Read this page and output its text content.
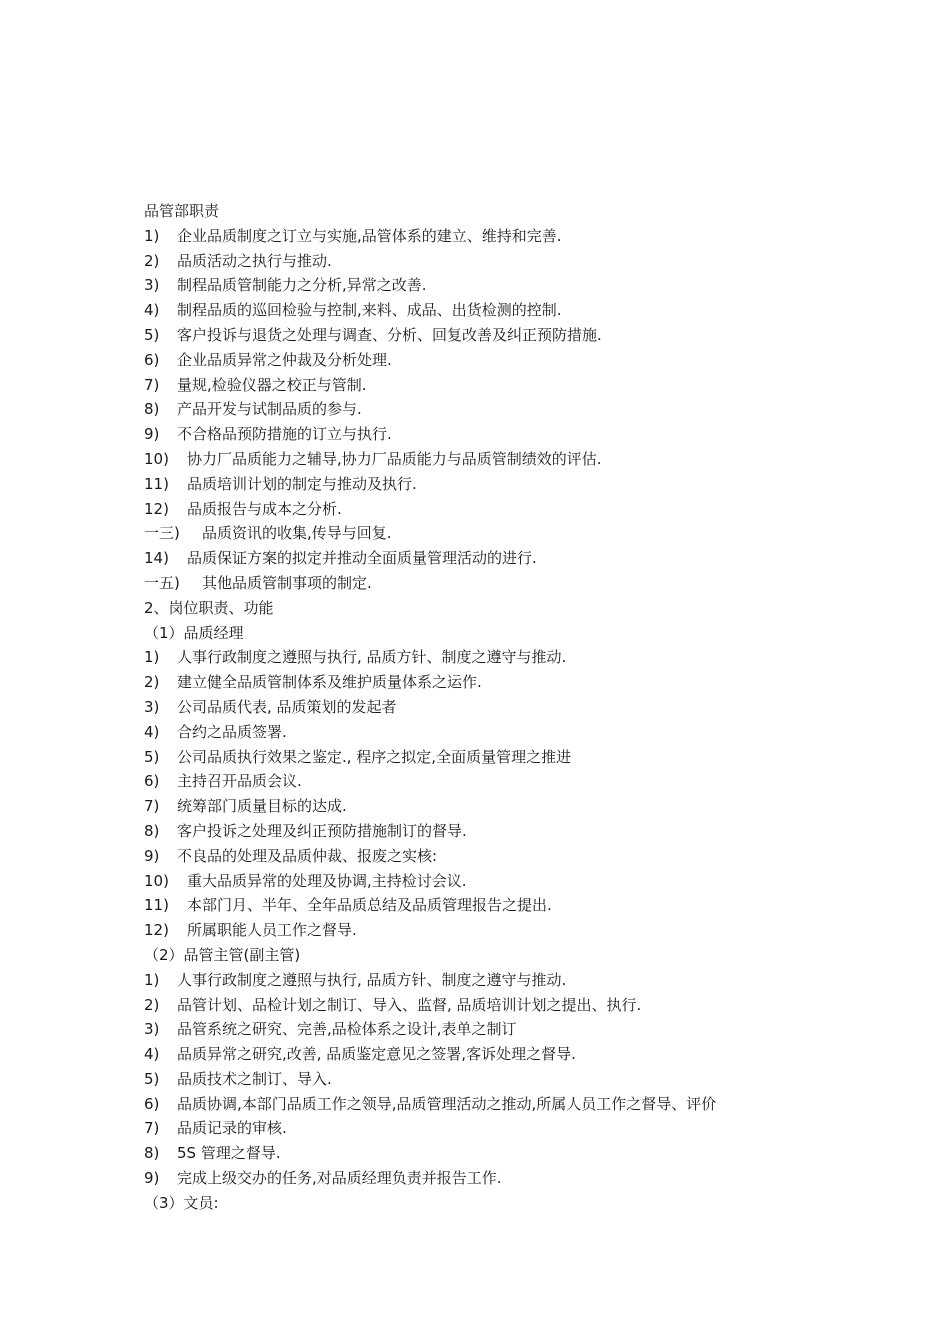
品管部职责
1)	企业品质制度之订立与实施,品管体系的建立、维持和完善.
2)	品质活动之执行与推动.
3)	制程品质管制能力之分析,异常之改善.
4)	制程品质的巡回检验与控制,来料、成品、出货检测的控制.
5)	客户投诉与退货之处理与调查、分析、回复改善及纠正预防措施.
6)	企业品质异常之仲裁及分析处理.
7)	量规,检验仪器之校正与管制.
8)	产品开发与试制品质的参与.
9)	不合格品预防措施的订立与执行.
10)	协力厂品质能力之辅导,协力厂品质能力与品质管制绩效的评估.
11)	品质培训计划的制定与推动及执行.
12)	品质报告与成本之分析.
一三)	品质资讯的收集,传导与回复.
14)	品质保证方案的拟定并推动全面质量管理活动的进行.
一五)	其他品质管制事项的制定.
2、岗位职责、功能
（1）品质经理
1)	人事行政制度之遵照与执行, 品质方针、制度之遵守与推动.
2)	建立健全品质管制体系及维护质量体系之运作.
3)	公司品质代表, 品质策划的发起者
4)	合约之品质签署.
5)	公司品质执行效果之鉴定., 程序之拟定,全面质量管理之推进
6)	主持召开品质会议.
7)	统筹部门质量目标的达成.
8)	客户投诉之处理及纠正预防措施制订的督导.
9)	不良品的处理及品质仲裁、报废之实核:
10)	重大品质异常的处理及协调,主持检讨会议.
11)	本部门月、半年、全年品质总结及品质管理报告之提出.
12)	所属职能人员工作之督导.
（2）品管主管(副主管)
1)	人事行政制度之遵照与执行, 品质方针、制度之遵守与推动.
2)	品管计划、品检计划之制订、导入、监督, 品质培训计划之提出、执行.
3)	品管系统之研究、完善,品检体系之设计,表单之制订
4)	品质异常之研究,改善, 品质鉴定意见之签署,客诉处理之督导.
5)	品质技术之制订、导入.
6)	品质协调,本部门品质工作之领导,品质管理活动之推动,所属人员工作之督导、评价
7)	品质记录的审核.
8)	5S 管理之督导.
9)	完成上级交办的任务,对品质经理负责并报告工作.
（3）文员:
